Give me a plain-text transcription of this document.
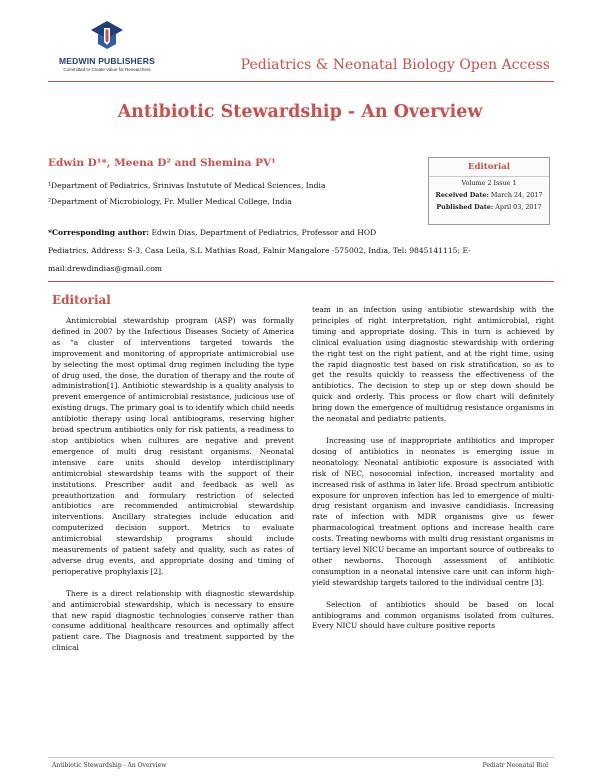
MEDWIN PUBLISHERS
Committed to Create Value for Researchers	Pediatrics & Neonatal Biology Open Access
Antibiotic Stewardship - An Overview
Edwin D¹*, Meena D² and Shemina PV¹
¹Department of Pediatrics, Srinivas Instutute of Medical Sciences, India
²Department of Microbiology, Fr. Muller Medical College, India
Editorial
Volume 2 Issue 1
Received Date: March 24, 2017
Published Date: April 03, 2017
*Corresponding author: Edwin Dias, Department of Pediatrics, Professor and HOD
Pediatrics, Address: S-3, Casa Leila, S.L Mathias Road, Falnir Mangalore -575002, India, Tel: 9845141115; E-
mail:drewdindias@gmail.com
Editorial

Antimicrobial stewardship program (ASP) was formally defined in 2007 by the Infectious Diseases Society of America as “a cluster of interventions targeted towards the improvement and monitoring of appropriate antimicrobial use by selecting the most optimal drug regimen including the type of drug used, the dose, the duration of therapy and the route of administration[1]. Antibiotic stewardship is a quality analysis to prevent emergence of antimicrobial resistance, judicious use of existing drugs. The primary goal is to identify which child needs antibiotic therapy using local antibiograms, reserving higher broad spectrum antibiotics only for risk patients, a readiness to stop antibiotics when cultures are negative and prevent emergence of multi drug resistant organisms. Neonatal intensive care units should develop interdisciplinary antimicrobial stewardship teams with the support of their institutions. Prescriber audit and feedback as well as preauthorization and formulary restriction of selected antibiotics are recommended antimicrobial stewardship interventions. Ancillary strategies include education and computerized decision support. Metrics to evaluate antimicrobial stewardship programs should include measurements of patient safety and quality, such as rates of adverse drug events, and appropriate dosing and timing of perioperative prophylaxis [2].

There is a direct relationship with diagnostic stewardship and antimicrobial stewardship, which is necessary to ensure that new rapid diagnostic technologies conserve rather than consume additional healthcare resources and optimally affect patient care. The Diagnosis and treatment supported by the clinical

team in an infection using antibiotic stewardship with the principles of right interpretation, right antimicrobial, right timing and appropriate dosing. This in turn is achieved by clinical evaluation using diagnostic stewardship with ordering the right test on the right patient, and at the right time, using the rapid diagnostic test based on risk stratification, so as to get the results quickly to reassess the effectiveness of the antibiotics. The decision to step up or step down should be quick and orderly. This process or flow chart will definitely bring down the emergence of multidrug resistance organisms in the neonatal and pediatric patients.

Increasing use of inappropriate antibiotics and improper dosing of antibiotics in neonates is emerging issue in neonatology. Neonatal antibiotic exposure is associated with risk of NEC, nosocomial infection, increased mortality and increased risk of asthma in later life. Broad spectrum antibiotic exposure for unproven infection has led to emergence of multi-drug resistant organism and invasive candidiasis. Increasing rate of infection with MDR organisms give us fewer pharmacological treatment options and increase health care costs. Treating newborns with multi drug resistant organisms in tertiary level NICU became an important source of outbreaks to other newborns. Thorough assessment of antibiotic consumption in a neonatal intensive care unit can inform high-yield stewardship targets tailored to the individual centre [3].

Selection of antibiotics should be based on local antibiograms and common organisms isolated from cultures. Every NICU should have culture positive reports

Antibiotic Stewardship - An Overview	Pediatr Neonatal Biol
